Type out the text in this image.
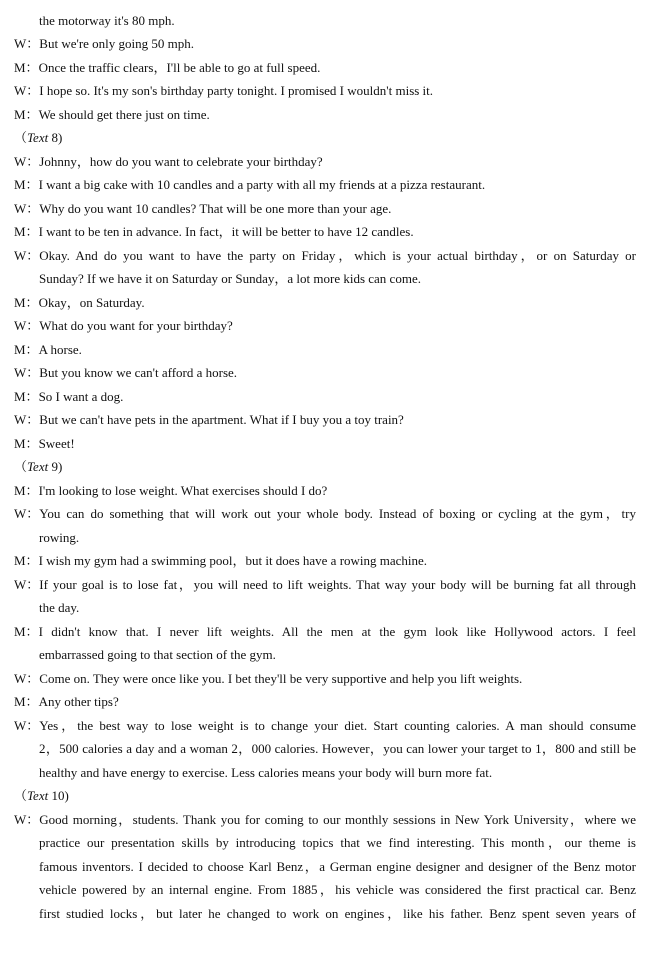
the motorway it's 80 mph.
W：But we're only going 50 mph.
M：Once the traffic clears，I'll be able to go at full speed.
W：I hope so. It's my son's birthday party tonight. I promised I wouldn't miss it.
M：We should get there just on time.
（Text 8)
W：Johnny，how do you want to celebrate your birthday?
M：I want a big cake with 10 candles and a party with all my friends at a pizza restaurant.
W：Why do you want 10 candles? That will be one more than your age.
M：I want to be ten in advance. In fact，it will be better to have 12 candles.
W：Okay. And do you want to have the party on Friday，which is your actual birthday，or on Saturday or
Sunday? If we have it on Saturday or Sunday，a lot more kids can come.
M：Okay，on Saturday.
W：What do you want for your birthday?
M：A horse.
W：But you know we can't afford a horse.
M：So I want a dog.
W：But we can't have pets in the apartment. What if I buy you a toy train?
M：Sweet!
（Text 9)
M：I'm looking to lose weight. What exercises should I do?
W：You can do something that will work out your whole body. Instead of boxing or cycling at the gym，try
rowing.
M：I wish my gym had a swimming pool，but it does have a rowing machine.
W：If your goal is to lose fat，you will need to lift weights. That way your body will be burning fat all through
the day.
M：I didn't know that. I never lift weights. All the men at the gym look like Hollywood actors. I feel
embarrassed going to that section of the gym.
W：Come on. They were once like you. I bet they'll be very supportive and help you lift weights.
M：Any other tips?
W：Yes，the best way to lose weight is to change your diet. Start counting calories. A man should consume
2，500 calories a day and a woman 2，000 calories. However，you can lower your target to 1，800 and still be
healthy and have energy to exercise. Less calories means your body will burn more fat.
（Text 10)
W：Good morning，students. Thank you for coming to our monthly sessions in New York University，where we
practice our presentation skills by introducing topics that we find interesting. This month，our theme is
famous inventors. I decided to choose Karl Benz，a German engine designer and designer of the Benz motor
vehicle powered by an internal engine. From 1885，his vehicle was considered the first practical car. Benz
first studied locks，but later he changed to work on engines，like his father. Benz spent seven years of
